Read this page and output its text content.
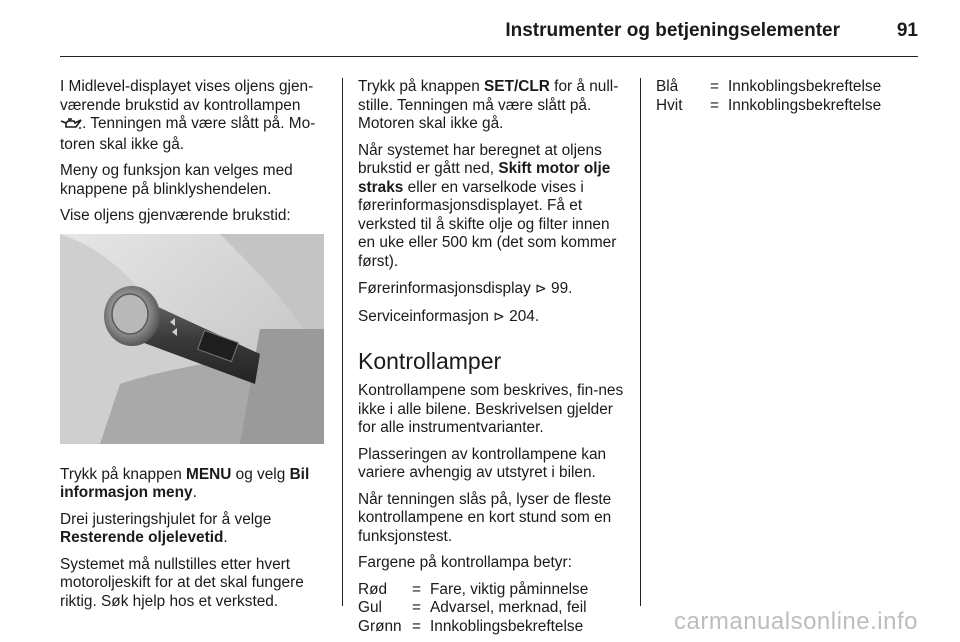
Instrumenter og betjeningselementer	91

I Midlevel-displayet vises oljens gjen-værende brukstid av kontrollampen
. Tenningen må være slått på. Mo-toren skal ikke gå.

Meny og funksjon kan velges med knappene på blinklyshendelen.

Vise oljens gjenværende brukstid:

Trykk på knappen MENU og velg Bil informasjon meny.

Drei justeringshjulet for å velge Resterende oljelevetid.

Systemet må nullstilles etter hvert motoroljeskift for at det skal fungere riktig. Søk hjelp hos et verksted.

Trykk på knappen SET/CLR for å null-stille. Tenningen må være slått på. Motoren skal ikke gå.

Når systemet har beregnet at oljens brukstid er gått ned, Skift motor olje straks eller en varselkode vises i førerinformasjonsdisplayet. Få et verksted til å skifte olje og filter innen en uke eller 500 km (det som kommer først).

Førerinformasjonsdisplay ⊳ 99.

Serviceinformasjon ⊳ 204.

Kontrollamper

Kontrollampene som beskrives, fin-nes ikke i alle bilene. Beskrivelsen gjelder for alle instrumentvarianter.

Plasseringen av kontrollampene kan variere avhengig av utstyret i bilen.

Når tenningen slås på, lyser de fleste kontrollampene en kort stund som en funksjonstest.

Fargene på kontrollampa betyr:

Rød	=	Fare, viktig påminnelse
Gul	=	Advarsel, merknad, feil
Grønn	=	Innkoblingsbekreftelse
Blå	=	Innkoblingsbekreftelse
Hvit	=	Innkoblingsbekreftelse
carmanualsonline.info
